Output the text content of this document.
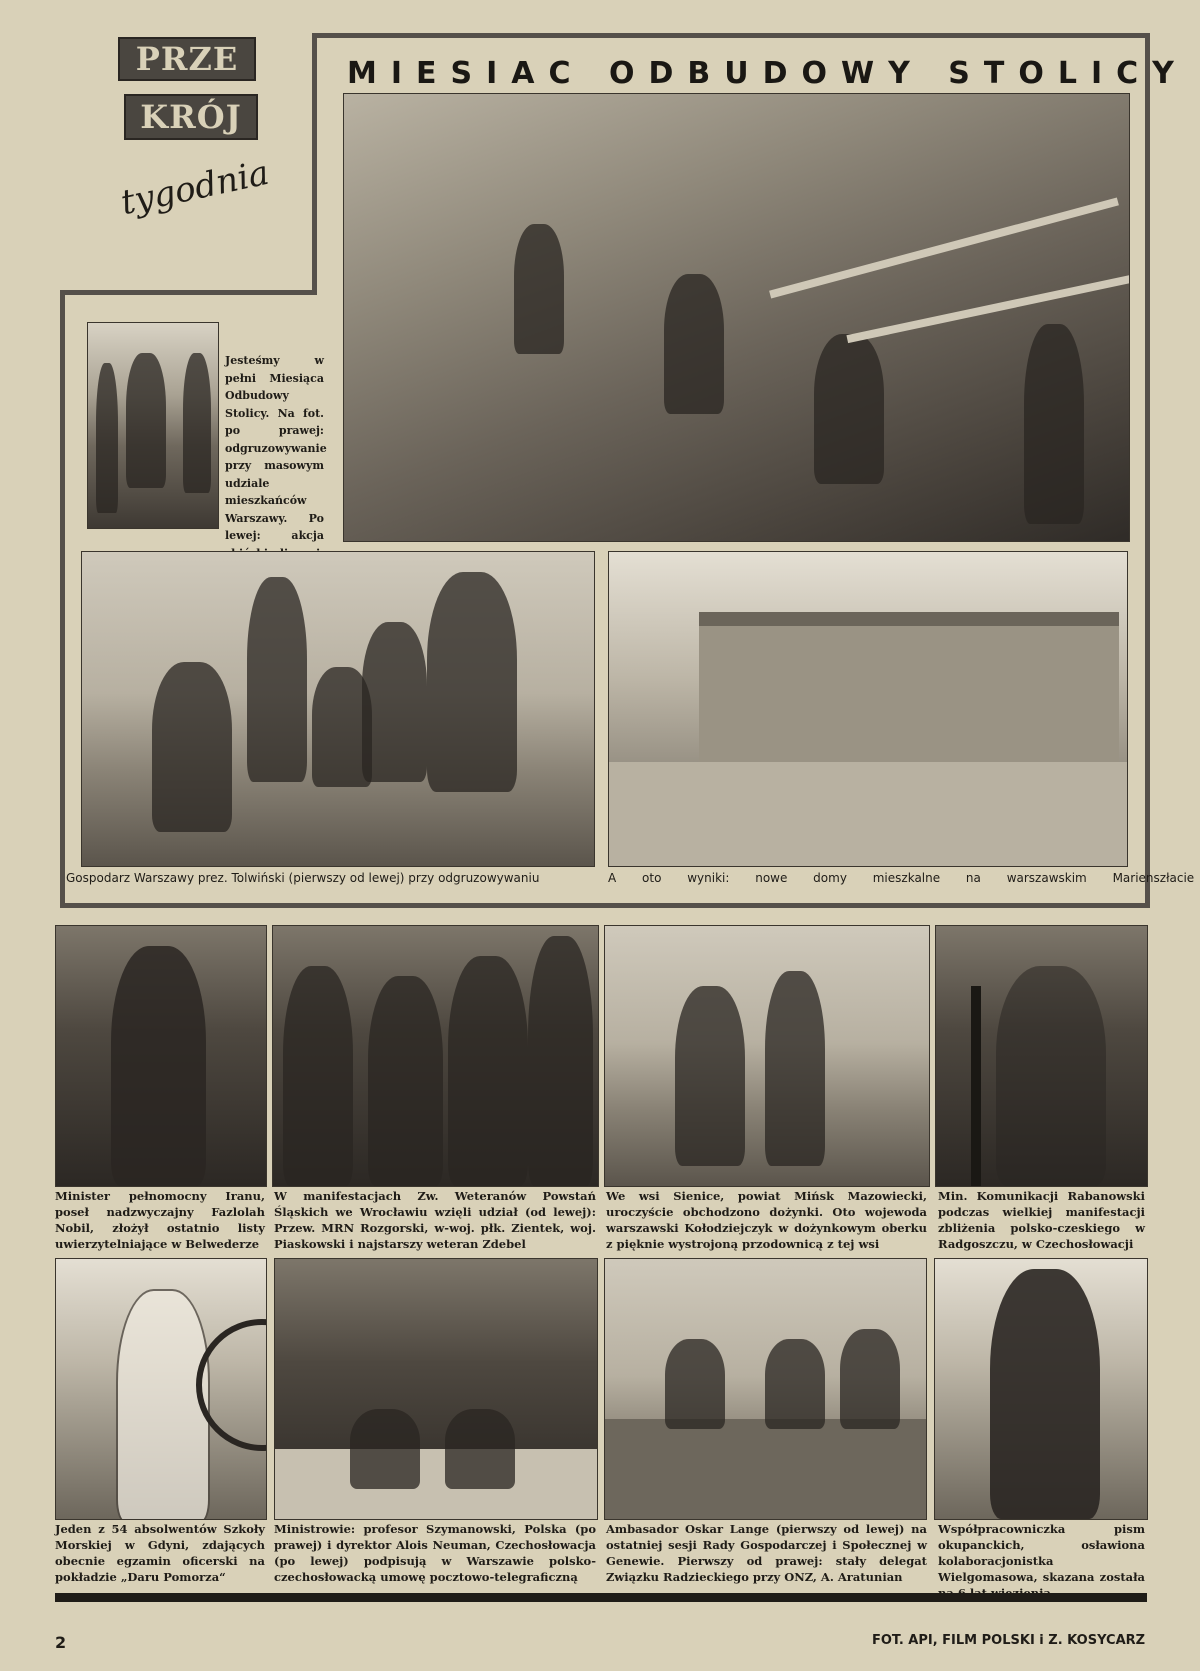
PRZE
KRÓJ
tygodnia
MIESIAC ODBUDOWY STOLICY
Jesteśmy w pełni Miesiąca Odbudowy Stolicy. Na fot. po prawej: odgruzowywanie przy masowym udziale mieszkańców Warszawy. Po lewej: akcja
Gospodarz Warszawy prez. Tolwiński (pierwszy od lewej) przy odgruzowywaniu	A oto wyniki: nowe domy mieszkalne na warszawskim Marienszłacie
Minister pełnomocny Iranu, poseł nadzwyczajny Fazlolah Nobil, złożył ostatnio listy uwierzytelniające w Belwederze
W manifestacjach Zw. Weteranów Powstań Śląskich we Wrocławiu wzięli udział (od lewej): Przew. MRN Rozgorski, w-woj. płk. Zientek, woj. Piaskowski i najstarszy weteran Zdebel
We wsi Sienice, powiat Mińsk Mazowiecki, uroczyście obchodzono dożynki. Oto wojewoda warszawski Kołodziejczyk w dożynkowym oberku z pięknie wystrojoną przodownicą z tej wsi
Min. Komunikacji Rabanowski podczas wielkiej manifestacji zbliżenia polsko-czeskiego w Radgoszczu, w Czechosłowacji
Jeden z 54 absolwentów Szkoły Morskiej w Gdyni, zdających obecnie egzamin oficerski na pokładzie „Daru Pomorza“
Ministrowie: profesor Szymanowski, Polska (po prawej) i dyrektor Alois Neuman, Czechosłowacja (po lewej) podpisują w Warszawie polsko-czechosłowacką umowę pocztowo-telegraficzną
Ambasador Oskar Lange (pierwszy od lewej) na ostatniej sesji Rady Gospodarczej i Społecznej w Genewie. Pierwszy od prawej: stały delegat Związku Radzieckiego przy ONZ, A. Aratunian
Współpracowniczka pism okupanckich, osławiona kolaboracjonistka Wielgomasowa, skazana została
2	FOT. API, FILM POLSKI i Z. KOSYCARZ
